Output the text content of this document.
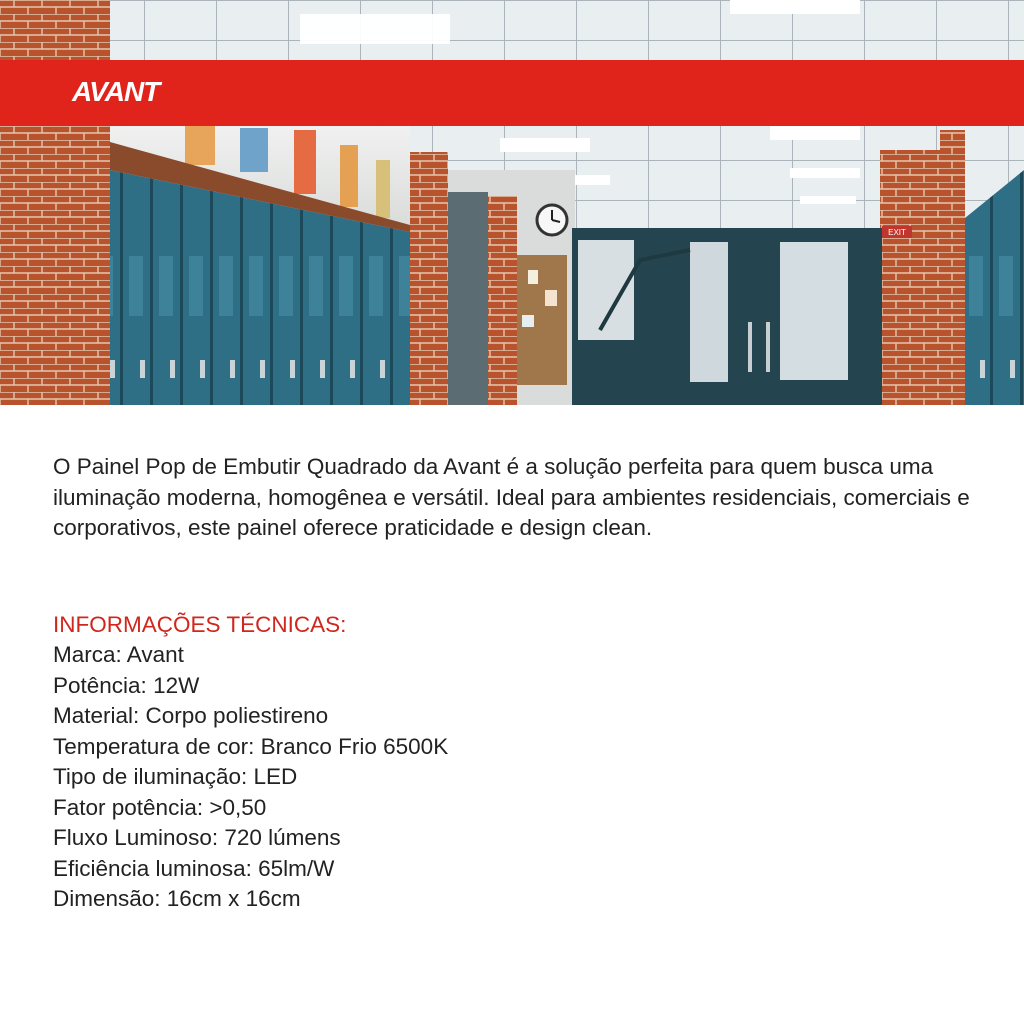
EXIT
AVANT

O Painel Pop de Embutir Quadrado da Avant é a solução perfeita para quem busca uma iluminação moderna, homogênea e versátil. Ideal para ambientes residenciais, comerciais e corporativos, este painel oferece praticidade e design clean.

INFORMAÇÕES TÉCNICAS:
Marca: Avant
Potência: 12W
Material: Corpo poliestireno
Temperatura de cor: Branco Frio 6500K
Tipo de iluminação: LED
Fator potência: >0,50
Fluxo Luminoso: 720 lúmens
Eficiência luminosa: 65lm/W
Dimensão: 16cm x 16cm
